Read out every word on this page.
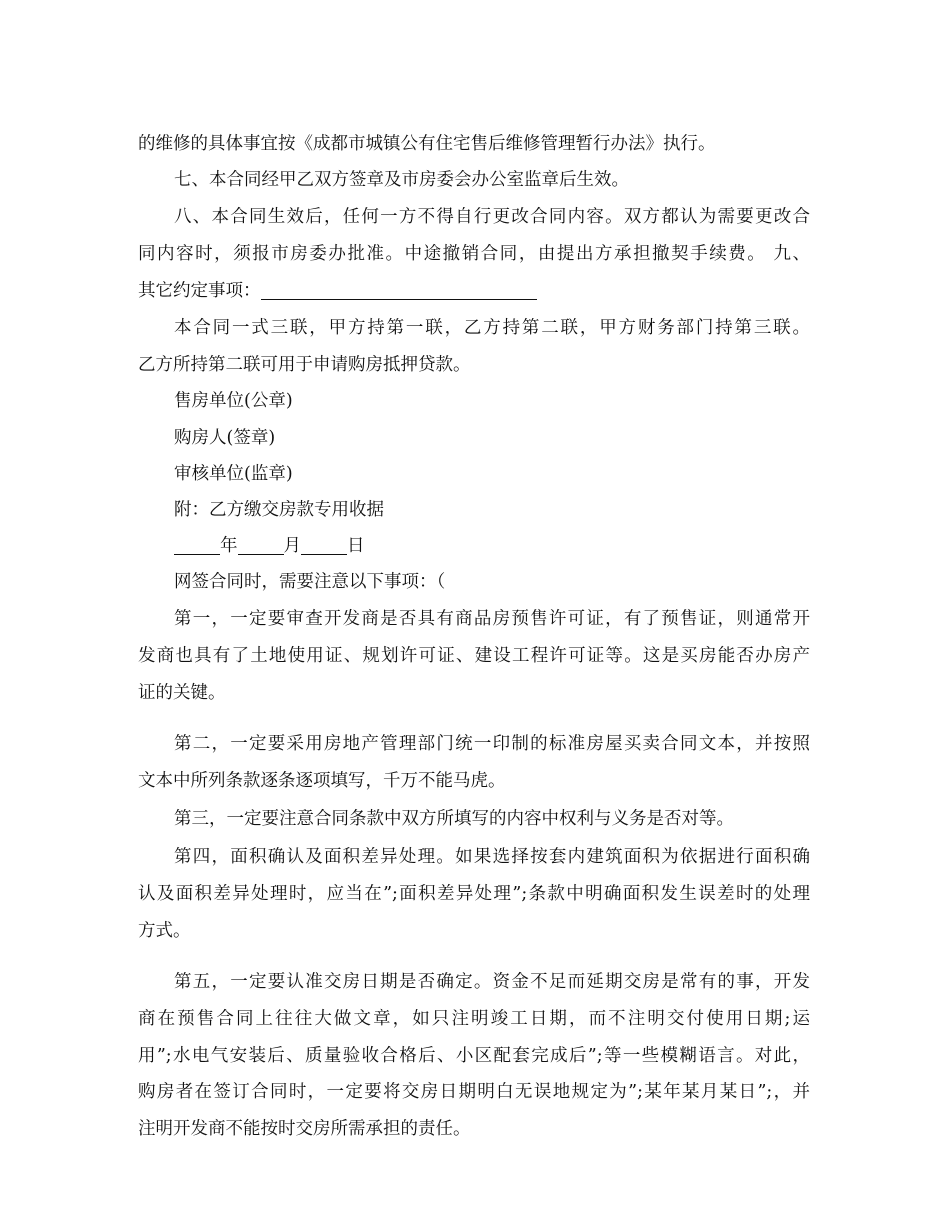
的维修的具体事宜按《成都市城镇公有住宅售后维修管理暂行办法》执行。
七、本合同经甲乙双方签章及市房委会办公室监章后生效。
八、本合同生效后，任何一方不得自行更改合同内容。双方都认为需要更改合
同内容时，须报市房委办批准。中途撤销合同，由提出方承担撤契手续费。 九、
其它约定事项：
本合同一式三联，甲方持第一联，乙方持第二联，甲方财务部门持第三联。
乙方所持第二联可用于申请购房抵押贷款。
售房单位(公章)
购房人(签章)
审核单位(监章)
附：乙方缴交房款专用收据
年	月	日
网签合同时，需要注意以下事项：（
第一，一定要审查开发商是否具有商品房预售许可证，有了预售证，则通常开
发商也具有了土地使用证、规划许可证、建设工程许可证等。这是买房能否办房产
证的关键。
第二，一定要采用房地产管理部门统一印制的标准房屋买卖合同文本，并按照
文本中所列条款逐条逐项填写，千万不能马虎。
第三，一定要注意合同条款中双方所填写的内容中权利与义务是否对等。
第四，面积确认及面积差异处理。如果选择按套内建筑面积为依据进行面积确
认及面积差异处理时，应当在”;面积差异处理”;条款中明确面积发生误差时的处理
方式。
第五，一定要认准交房日期是否确定。资金不足而延期交房是常有的事，开发
商在预售合同上往往大做文章，如只注明竣工日期，而不注明交付使用日期;运
用”;水电气安装后、质量验收合格后、小区配套完成后”;等一些模糊语言。对此，
购房者在签订合同时，一定要将交房日期明白无误地规定为”;某年某月某日”;，并
注明开发商不能按时交房所需承担的责任。
